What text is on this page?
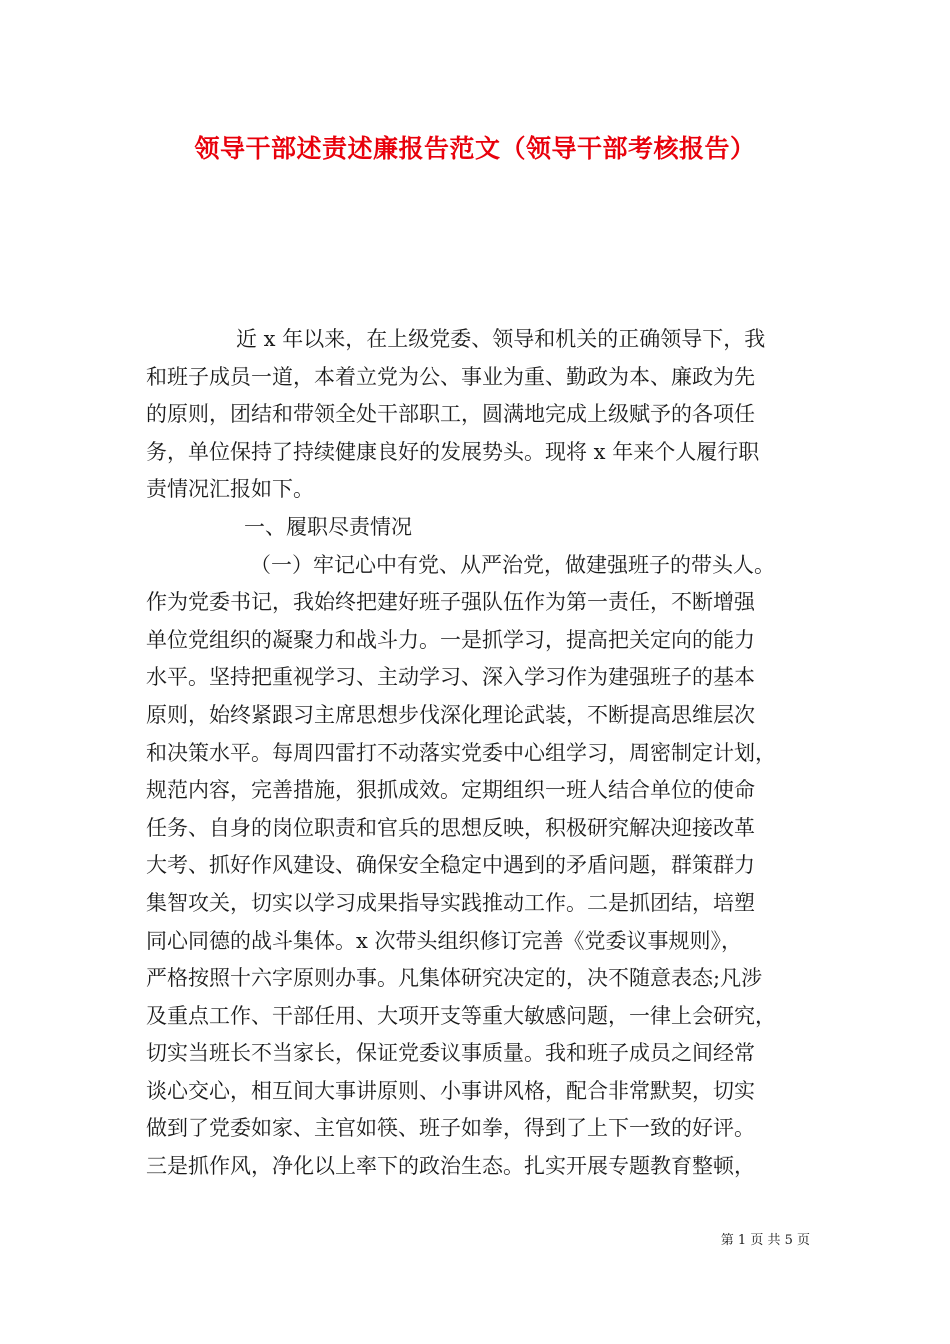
领导干部述责述廉报告范文（领导干部考核报告）
近 x 年以来，在上级党委、领导和机关的正确领导下，我
和班子成员一道，本着立党为公、事业为重、勤政为本、廉政为先
的原则，团结和带领全处干部职工，圆满地完成上级赋予的各项任
务，单位保持了持续健康良好的发展势头。现将 x 年来个人履行职
责情况汇报如下。
一、履职尽责情况
（一）牢记心中有党、从严治党，做建强班子的带头人。
作为党委书记，我始终把建好班子强队伍作为第一责任，不断增强
单位党组织的凝聚力和战斗力。一是抓学习，提高把关定向的能力
水平。坚持把重视学习、主动学习、深入学习作为建强班子的基本
原则，始终紧跟习主席思想步伐深化理论武装，不断提高思维层次
和决策水平。每周四雷打不动落实党委中心组学习，周密制定计划，
规范内容，完善措施，狠抓成效。定期组织一班人结合单位的使命
任务、自身的岗位职责和官兵的思想反映，积极研究解决迎接改革
大考、抓好作风建设、确保安全稳定中遇到的矛盾问题，群策群力
集智攻关，切实以学习成果指导实践推动工作。二是抓团结，培塑
同心同德的战斗集体。x 次带头组织修订完善《党委议事规则》，
严格按照十六字原则办事。凡集体研究决定的，决不随意表态;凡涉
及重点工作、干部任用、大项开支等重大敏感问题，一律上会研究，
切实当班长不当家长，保证党委议事质量。我和班子成员之间经常
谈心交心，相互间大事讲原则、小事讲风格，配合非常默契，切实
做到了党委如家、主官如筷、班子如拳，得到了上下一致的好评。
三是抓作风，净化以上率下的政治生态。扎实开展专题教育整顿，
第 1 页 共 5 页
